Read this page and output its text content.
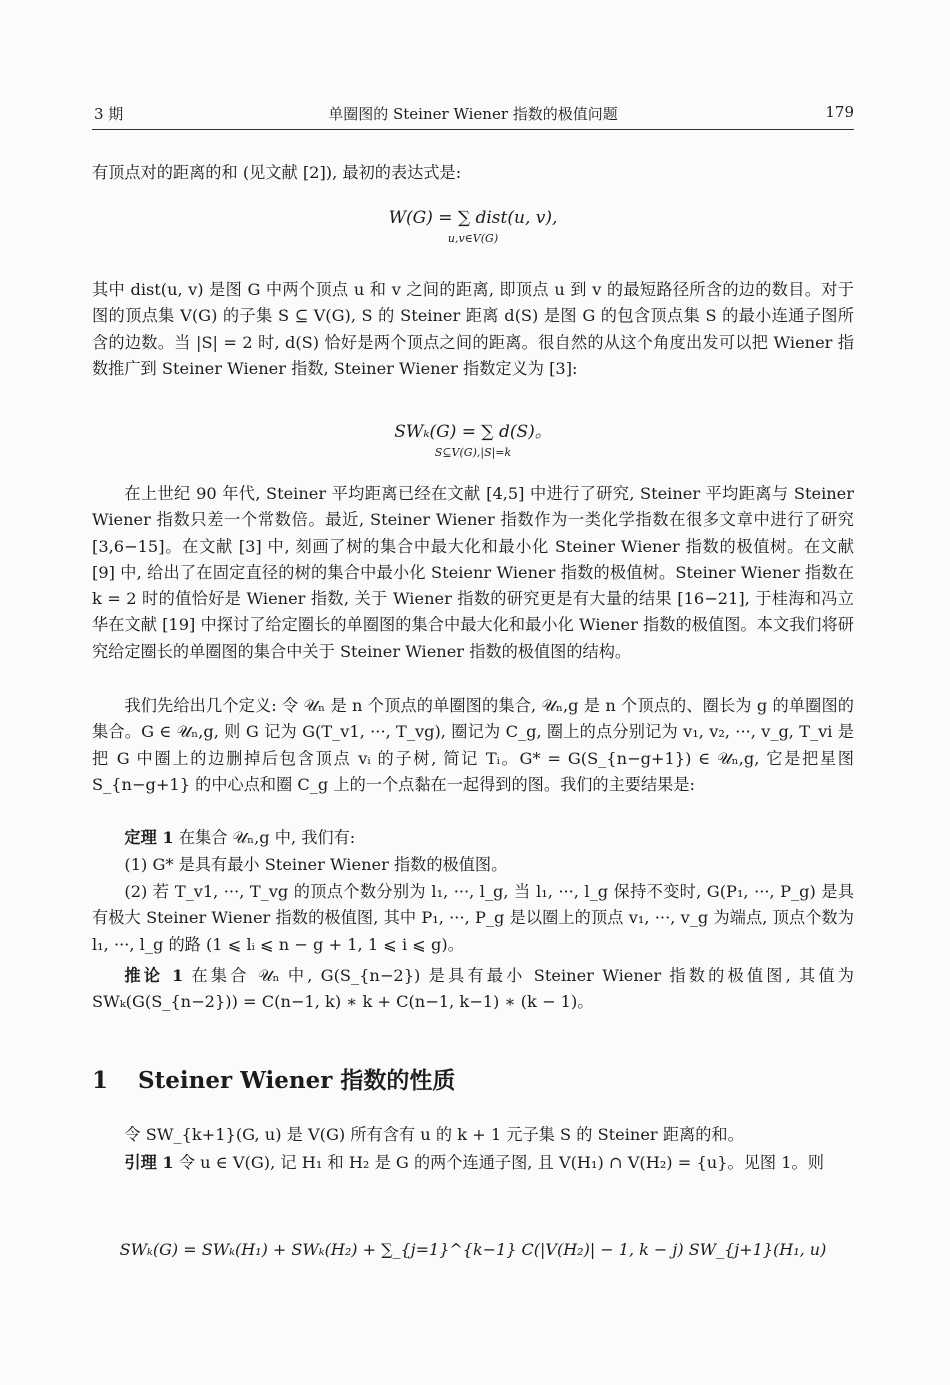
3 期	单圈图的 Steiner Wiener 指数的极值问题	179
有顶点对的距离的和 (见文献 [2]), 最初的表达式是:
W(G) = ∑ dist(u, v),
u,v∈V(G)
其中 dist(u, v) 是图 G 中两个顶点 u 和 v 之间的距离, 即顶点 u 到 v 的最短路径所含的边的数目。对于图的顶点集 V(G) 的子集 S ⊆ V(G), S 的 Steiner 距离 d(S) 是图 G 的包含顶点集 S 的最小连通子图所含的边数。当 |S| = 2 时, d(S) 恰好是两个顶点之间的距离。很自然的从这个角度出发可以把 Wiener 指数推广到 Steiner Wiener 指数, Steiner Wiener 指数定义为 [3]:
SWₖ(G) = ∑ d(S)。
S⊆V(G),|S|=k
在上世纪 90 年代, Steiner 平均距离已经在文献 [4,5] 中进行了研究, Steiner 平均距离与 Steiner Wiener 指数只差一个常数倍。最近, Steiner Wiener 指数作为一类化学指数在很多文章中进行了研究 [3,6−15]。在文献 [3] 中, 刻画了树的集合中最大化和最小化 Steiner Wiener 指数的极值树。在文献 [9] 中, 给出了在固定直径的树的集合中最小化 Steienr Wiener 指数的极值树。Steiner Wiener 指数在 k = 2 时的值恰好是 Wiener 指数, 关于 Wiener 指数的研究更是有大量的结果 [16−21], 于桂海和冯立华在文献 [19] 中探讨了给定圈长的单圈图的集合中最大化和最小化 Wiener 指数的极值图。本文我们将研究给定圈长的单圈图的集合中关于 Steiner Wiener 指数的极值图的结构。
我们先给出几个定义: 令 𝒰ₙ 是 n 个顶点的单圈图的集合, 𝒰ₙ,g 是 n 个顶点的、圈长为 g 的单圈图的集合。G ∈ 𝒰ₙ,g, 则 G 记为 G(T_v1, ···, T_vg), 圈记为 C_g, 圈上的点分别记为 v₁, v₂, ···, v_g, T_vi 是把 G 中圈上的边删掉后包含顶点 vᵢ 的子树, 简记 Tᵢ。G* = G(S_{n−g+1}) ∈ 𝒰ₙ,g, 它是把星图 S_{n−g+1} 的中心点和圈 C_g 上的一个点黏在一起得到的图。我们的主要结果是:
定理 1 在集合 𝒰ₙ,g 中, 我们有:
(1) G* 是具有最小 Steiner Wiener 指数的极值图。
(2) 若 T_v1, ···, T_vg 的顶点个数分别为 l₁, ···, l_g, 当 l₁, ···, l_g 保持不变时, G(P₁, ···, P_g) 是具有极大 Steiner Wiener 指数的极值图, 其中 P₁, ···, P_g 是以圈上的顶点 v₁, ···, v_g 为端点, 顶点个数为 l₁, ···, l_g 的路 (1 ⩽ lᵢ ⩽ n − g + 1, 1 ⩽ i ⩽ g)。
推论 1 在集合 𝒰ₙ 中, G(S_{n−2}) 是具有最小 Steiner Wiener 指数的极值图, 其值为 SWₖ(G(S_{n−2})) = C(n−1, k) ∗ k + C(n−1, k−1) ∗ (k − 1)。
1 Steiner Wiener 指数的性质
令 SW_{k+1}(G, u) 是 V(G) 所有含有 u 的 k + 1 元子集 S 的 Steiner 距离的和。
引理 1 令 u ∈ V(G), 记 H₁ 和 H₂ 是 G 的两个连通子图, 且 V(H₁) ∩ V(H₂) = {u}。见图 1。则
SWₖ(G) = SWₖ(H₁) + SWₖ(H₂) + ∑_{j=1}^{k−1} C(|V(H₂)| − 1, k − j) SW_{j+1}(H₁, u)
